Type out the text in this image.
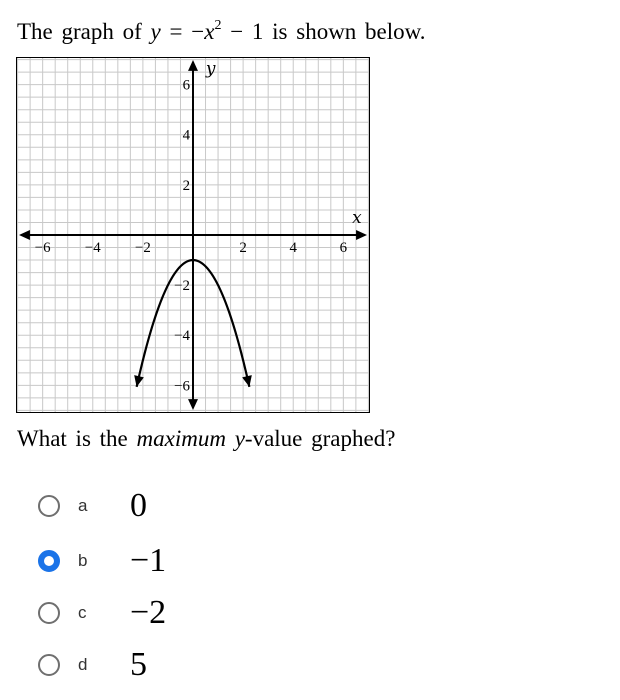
The graph of $y = -x^2 - 1$ is shown below.
x
y
−6 −4 −2	2	4	6
6
4
2
−2
−4
−6
What is the maximum y-value graphed?
a	0
b	−1
c	−2
d	5
